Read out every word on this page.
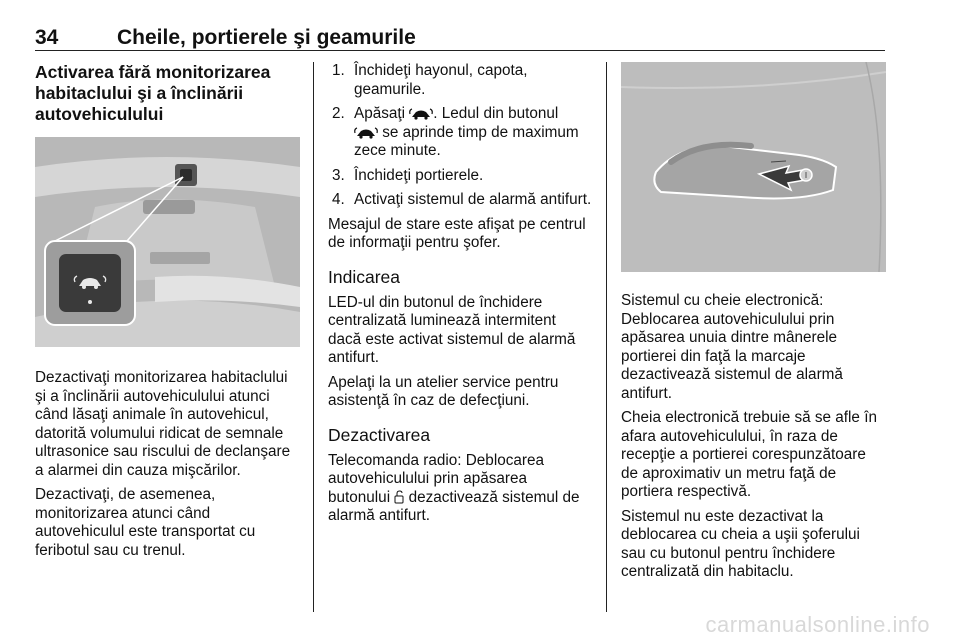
34	Cheile, portierele şi geamurile
Activarea fără monitorizarea habitaclului şi a înclinării autovehiculului

Dezactivaţi monitorizarea habitaclului şi a înclinării autovehiculului atunci când lăsaţi animale în autovehicul, datorită volumului ridicat de semnale ultrasonice sau riscului de declanşare a alarmei din cauza mişcărilor.

Dezactivaţi, de asemenea, monitorizarea atunci când autovehiculul este transportat cu feribotul sau cu trenul.

1. Închideţi hayonul, capota, geamurile.
2. Apăsaţi . Ledul din butonul
se aprinde timp de maximum zece minute.
3. Închideţi portierele.
4. Activaţi sistemul de alarmă antifurt.

Mesajul de stare este afişat pe centrul de informaţii pentru şofer.

Indicarea

LED-ul din butonul de închidere centralizată luminează intermitent dacă este activat sistemul de alarmă antifurt.

Apelaţi la un atelier service pentru asistenţă în caz de defecţiuni.

Dezactivarea

Telecomanda radio: Deblocarea autovehiculului prin apăsarea butonului dezactivează sistemul de alarmă antifurt.

Sistemul cu cheie electronică: Deblocarea autovehiculului prin apăsarea unuia dintre mânerele portierei din faţă la marcaje dezactivează sistemul de alarmă antifurt.

Cheia electronică trebuie să se afle în afara autovehiculului, în raza de recepţie a portierei corespunzătoare de aproximativ un metru faţă de portiera respectivă.

Sistemul nu este dezactivat la deblocarea cu cheia a uşii şoferului sau cu butonul pentru închidere centralizată din habitaclu.

carmanualsonline.info
